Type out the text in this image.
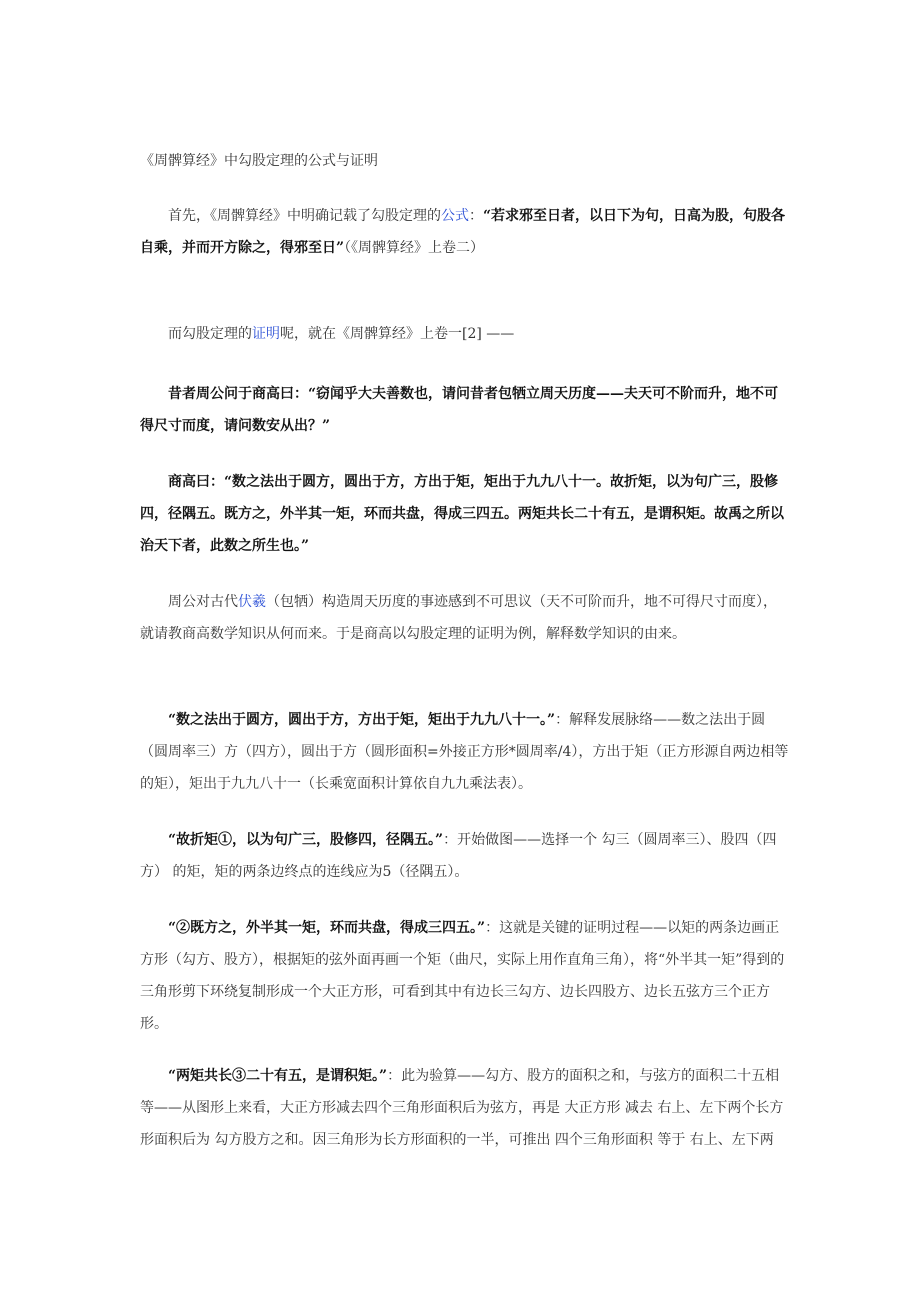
《周髀算经》中勾股定理的公式与证明

首先，《周髀算经》中明确记载了勾股定理的公式：“若求邪至日者，以日下为句，日高为股，句股各自乘，并而开方除之，得邪至日”（《周髀算经》上卷二）

而勾股定理的证明呢，就在《周髀算经》上卷一[2] ——

昔者周公问于商高曰：“窃闻乎大夫善数也，请问昔者包牺立周天历度——夫天可不阶而升，地不可得尺寸而度，请问数安从出？”

商高曰：“数之法出于圆方，圆出于方，方出于矩，矩出于九九八十一。故折矩，以为句广三，股修四，径隅五。既方之，外半其一矩，环而共盘，得成三四五。两矩共长二十有五，是谓积矩。故禹之所以治天下者，此数之所生也。”

周公对古代伏羲（包牺）构造周天历度的事迹感到不可思议（天不可阶而升，地不可得尺寸而度），就请教商高数学知识从何而来。于是商高以勾股定理的证明为例，解释数学知识的由来。

“数之法出于圆方，圆出于方，方出于矩，矩出于九九八十一。”：解释发展脉络——数之法出于圆（圆周率三）方（四方），圆出于方（圆形面积=外接正方形*圆周率/4），方出于矩（正方形源自两边相等的矩），矩出于九九八十一（长乘宽面积计算依自九九乘法表）。

“故折矩①，以为句广三，股修四，径隅五。”：开始做图——选择一个 勾三（圆周率三）、股四（四方） 的矩，矩的两条边终点的连线应为5（径隅五）。

“②既方之，外半其一矩，环而共盘，得成三四五。”：这就是关键的证明过程——以矩的两条边画正方形（勾方、股方），根据矩的弦外面再画一个矩（曲尺，实际上用作直角三角），将“外半其一矩”得到的三角形剪下环绕复制形成一个大正方形，可看到其中有边长三勾方、边长四股方、边长五弦方三个正方形。

“两矩共长③二十有五，是谓积矩。”：此为验算——勾方、股方的面积之和，与弦方的面积二十五相等——从图形上来看，大正方形减去四个三角形面积后为弦方，再是 大正方形 减去 右上、左下两个长方形面积后为 勾方股方之和。因三角形为长方形面积的一半，可推出 四个三角形面积 等于 右上、左下两
